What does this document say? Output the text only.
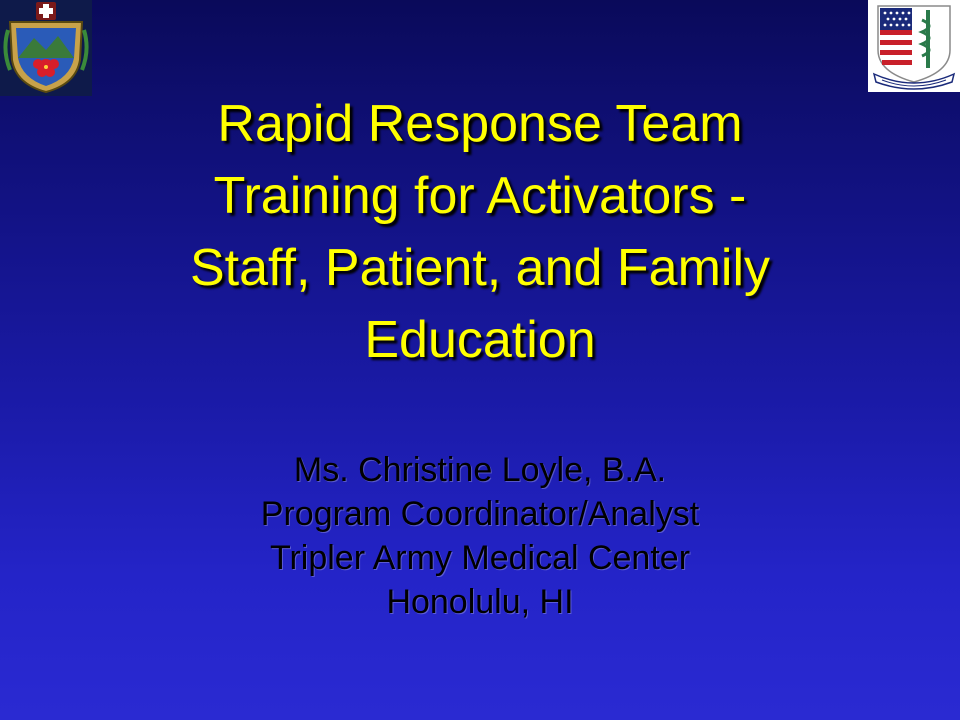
Rapid Response Team
Training for Activators -
Staff, Patient, and Family
Education
Ms. Christine Loyle, B.A.
Program Coordinator/Analyst
Tripler Army Medical Center
Honolulu, HI
